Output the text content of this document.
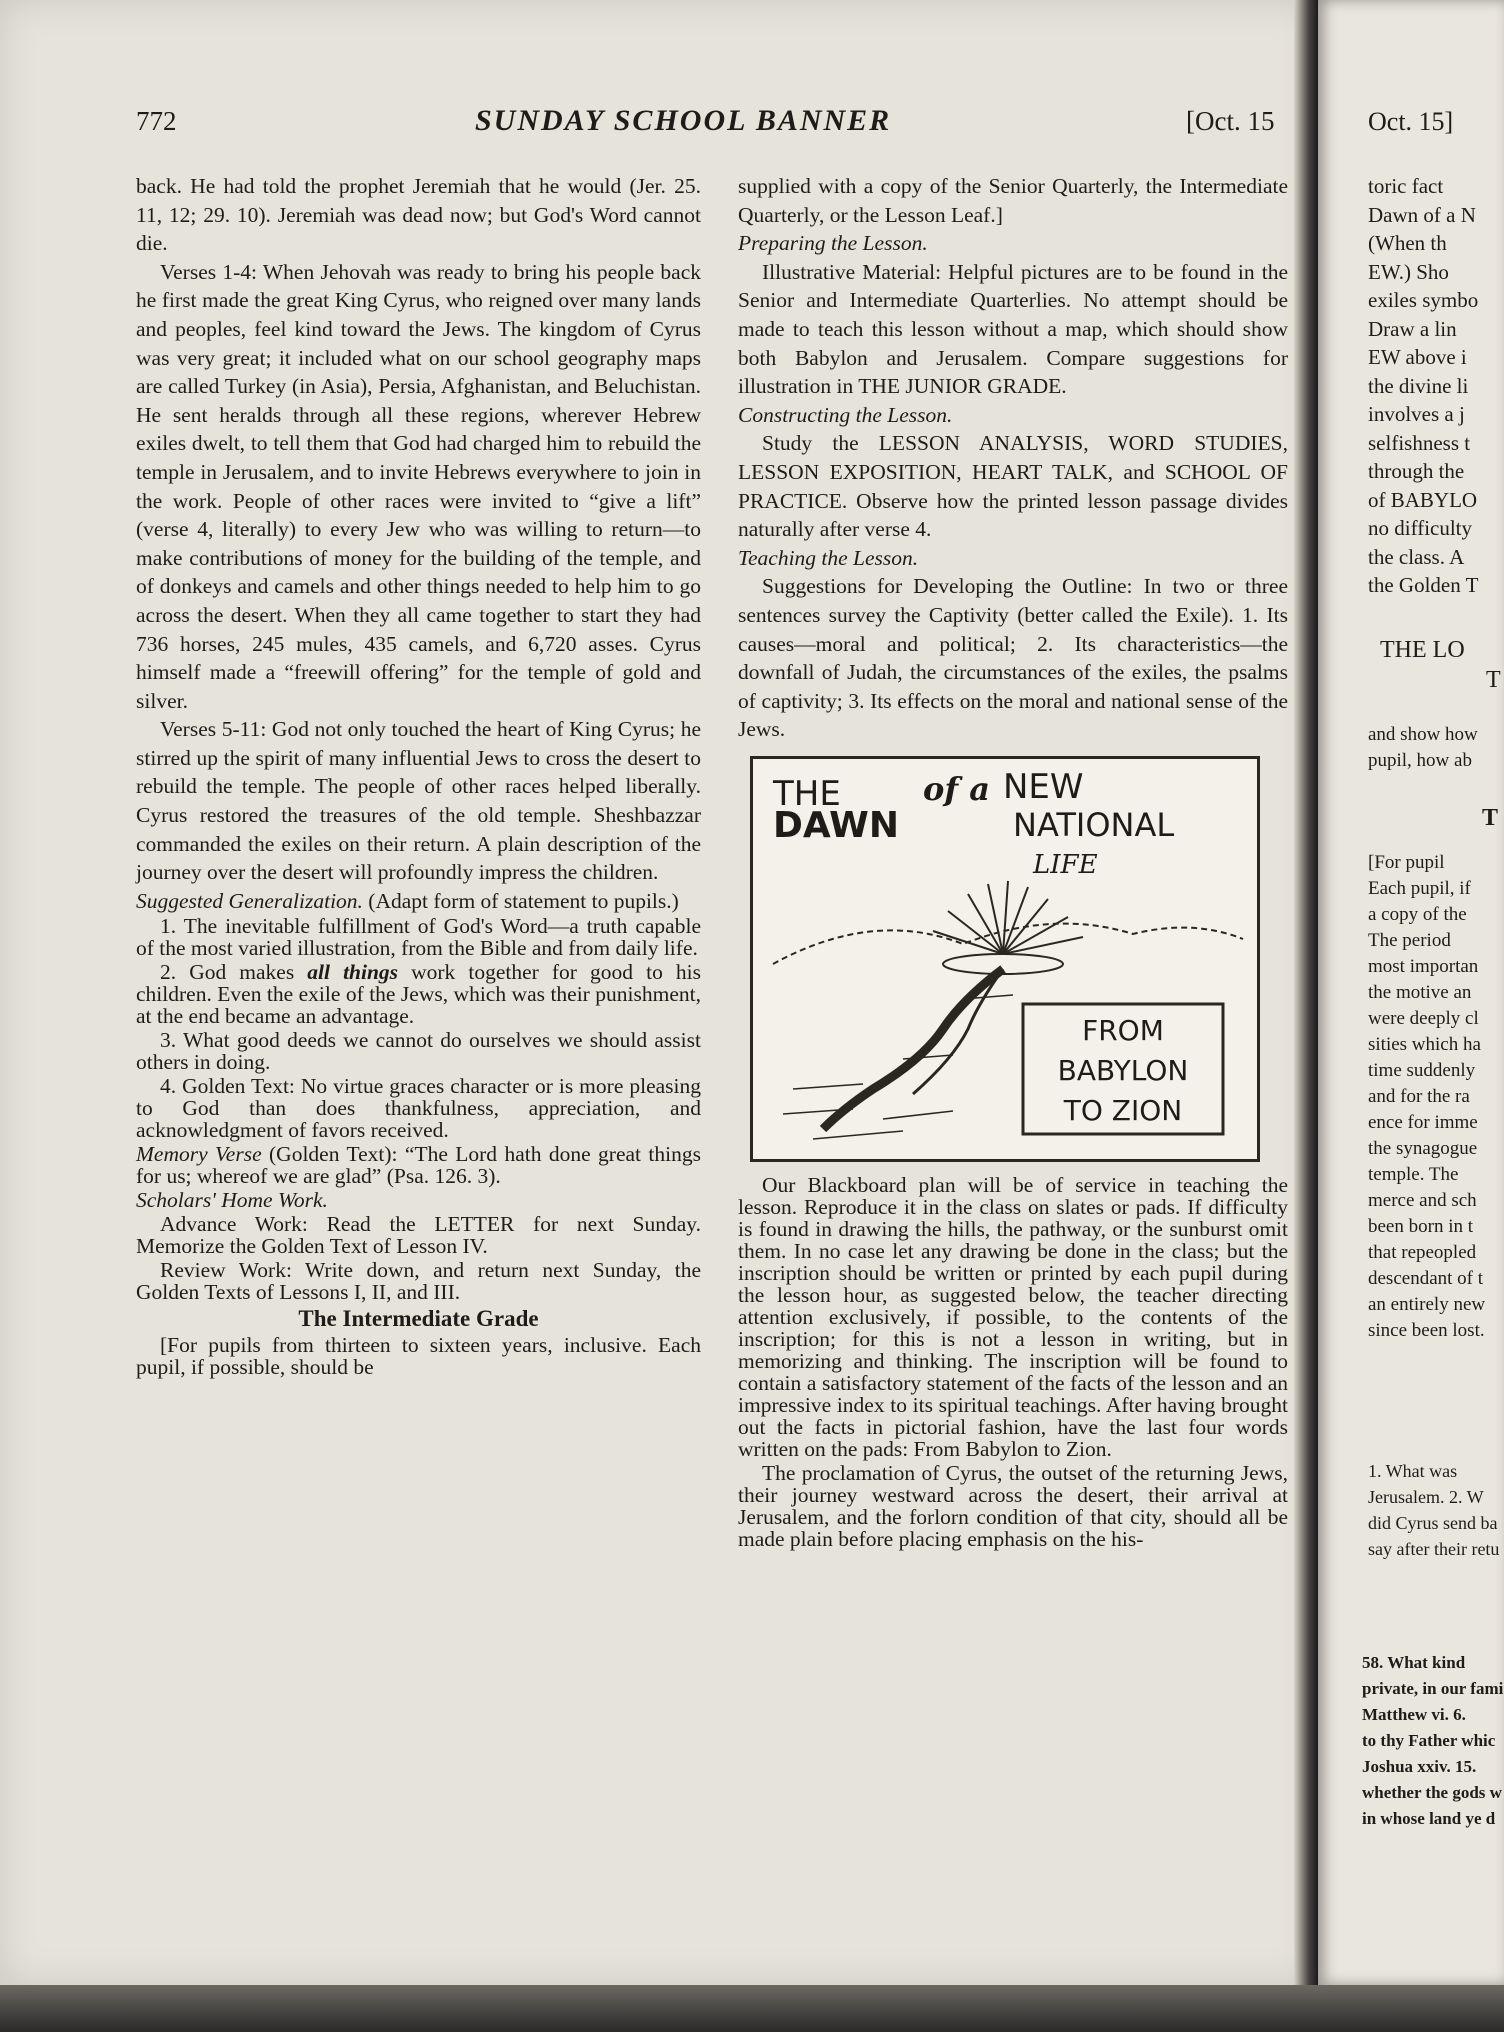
772	SUNDAY SCHOOL BANNER	[Oct. 15

back. He had told the prophet Jeremiah that he would (Jer. 25. 11, 12; 29. 10). Jeremiah was dead now; but God's Word cannot die.

Verses 1-4: When Jehovah was ready to bring his people back he first made the great King Cyrus, who reigned over many lands and peoples, feel kind toward the Jews. The kingdom of Cyrus was very great; it included what on our school geography maps are called Turkey (in Asia), Persia, Afghanistan, and Beluchistan. He sent heralds through all these regions, wherever Hebrew exiles dwelt, to tell them that God had charged him to rebuild the temple in Jerusalem, and to invite Hebrews everywhere to join in the work. People of other races were invited to “give a lift” (verse 4, literally) to every Jew who was willing to return—to make contributions of money for the building of the temple, and of donkeys and camels and other things needed to help him to go across the desert. When they all came together to start they had 736 horses, 245 mules, 435 camels, and 6,720 asses. Cyrus himself made a “freewill offering” for the temple of gold and silver.

Verses 5-11: God not only touched the heart of King Cyrus; he stirred up the spirit of many influential Jews to cross the desert to rebuild the temple. The people of other races helped liberally. Cyrus restored the treasures of the old temple. Sheshbazzar commanded the exiles on their return. A plain description of the journey over the desert will profoundly impress the children.

Suggested Generalization. (Adapt form of statement to pupils.)

1. The inevitable fulfillment of God's Word—a truth capable of the most varied illustration, from the Bible and from daily life.

2. God makes all things work together for good to his children. Even the exile of the Jews, which was their punishment, at the end became an advantage.

3. What good deeds we cannot do ourselves we should assist others in doing.

4. Golden Text: No virtue graces character or is more pleasing to God than does thankfulness, appreciation, and acknowledgment of favors received.

Memory Verse (Golden Text): “The Lord hath done great things for us; whereof we are glad” (Psa. 126. 3).

Scholars' Home Work.

Advance Work: Read the LETTER for next Sunday. Memorize the Golden Text of Lesson IV.

Review Work: Write down, and return next Sunday, the Golden Texts of Lessons I, II, and III.

The Intermediate Grade

[For pupils from thirteen to sixteen years, inclusive. Each pupil, if possible, should be

supplied with a copy of the Senior Quarterly, the Intermediate Quarterly, or the Lesson Leaf.]

Preparing the Lesson.

Illustrative Material: Helpful pictures are to be found in the Senior and Intermediate Quarterlies. No attempt should be made to teach this lesson without a map, which should show both Babylon and Jerusalem. Compare suggestions for illustration in THE JUNIOR GRADE.

Constructing the Lesson.

Study the LESSON ANALYSIS, WORD STUDIES, LESSON EXPOSITION, HEART TALK, and SCHOOL OF PRACTICE. Observe how the printed lesson passage divides naturally after verse 4.

Teaching the Lesson.

Suggestions for Developing the Outline: In two or three sentences survey the Captivity (better called the Exile). 1. Its causes—moral and political; 2. Its characteristics—the downfall of Judah, the circumstances of the exiles, the psalms of captivity; 3. Its effects on the moral and national sense of the Jews.

THE
DAWN
of a NEW
NATIONAL
LIFE
FROM
BABYLON
TO ZION

Our Blackboard plan will be of service in teaching the lesson. Reproduce it in the class on slates or pads. If difficulty is found in drawing the hills, the pathway, or the sunburst omit them. In no case let any drawing be done in the class; but the inscription should be written or printed by each pupil during the lesson hour, as suggested below, the teacher directing attention exclusively, if possible, to the contents of the inscription; for this is not a lesson in writing, but in memorizing and thinking. The inscription will be found to contain a satisfactory statement of the facts of the lesson and an impressive index to its spiritual teachings. After having brought out the facts in pictorial fashion, have the last four words written on the pads: From Babylon to Zion.

The proclamation of Cyrus, the outset of the returning Jews, their journey westward across the desert, their arrival at Jerusalem, and the forlorn condition of that city, should all be made plain before placing emphasis on the his-

Oct. 15]
toric fact
Dawn of a N
(When th
EW.) Sho
exiles symbo
Draw a lin
EW above i
the divine li
involves a j
selfishness t
through the
of BABYLO
no difficulty
the class. A
the Golden T
THE LO
T
and show how
pupil, how ab
T
[For pupil
Each pupil, if
a copy of the
The period
most importan
the motive an
were deeply cl
sities which ha
time suddenly
and for the ra
ence for imme
the synagogue
temple. The
merce and sch
been born in t
that repeopled
descendant of t
an entirely new
since been lost.
1. What was
Jerusalem. 2. W
did Cyrus send ba
say after their retu
58. What kind
private, in our fami
Matthew vi. 6.
to thy Father whic
Joshua xxiv. 15.
whether the gods w
in whose land ye d
